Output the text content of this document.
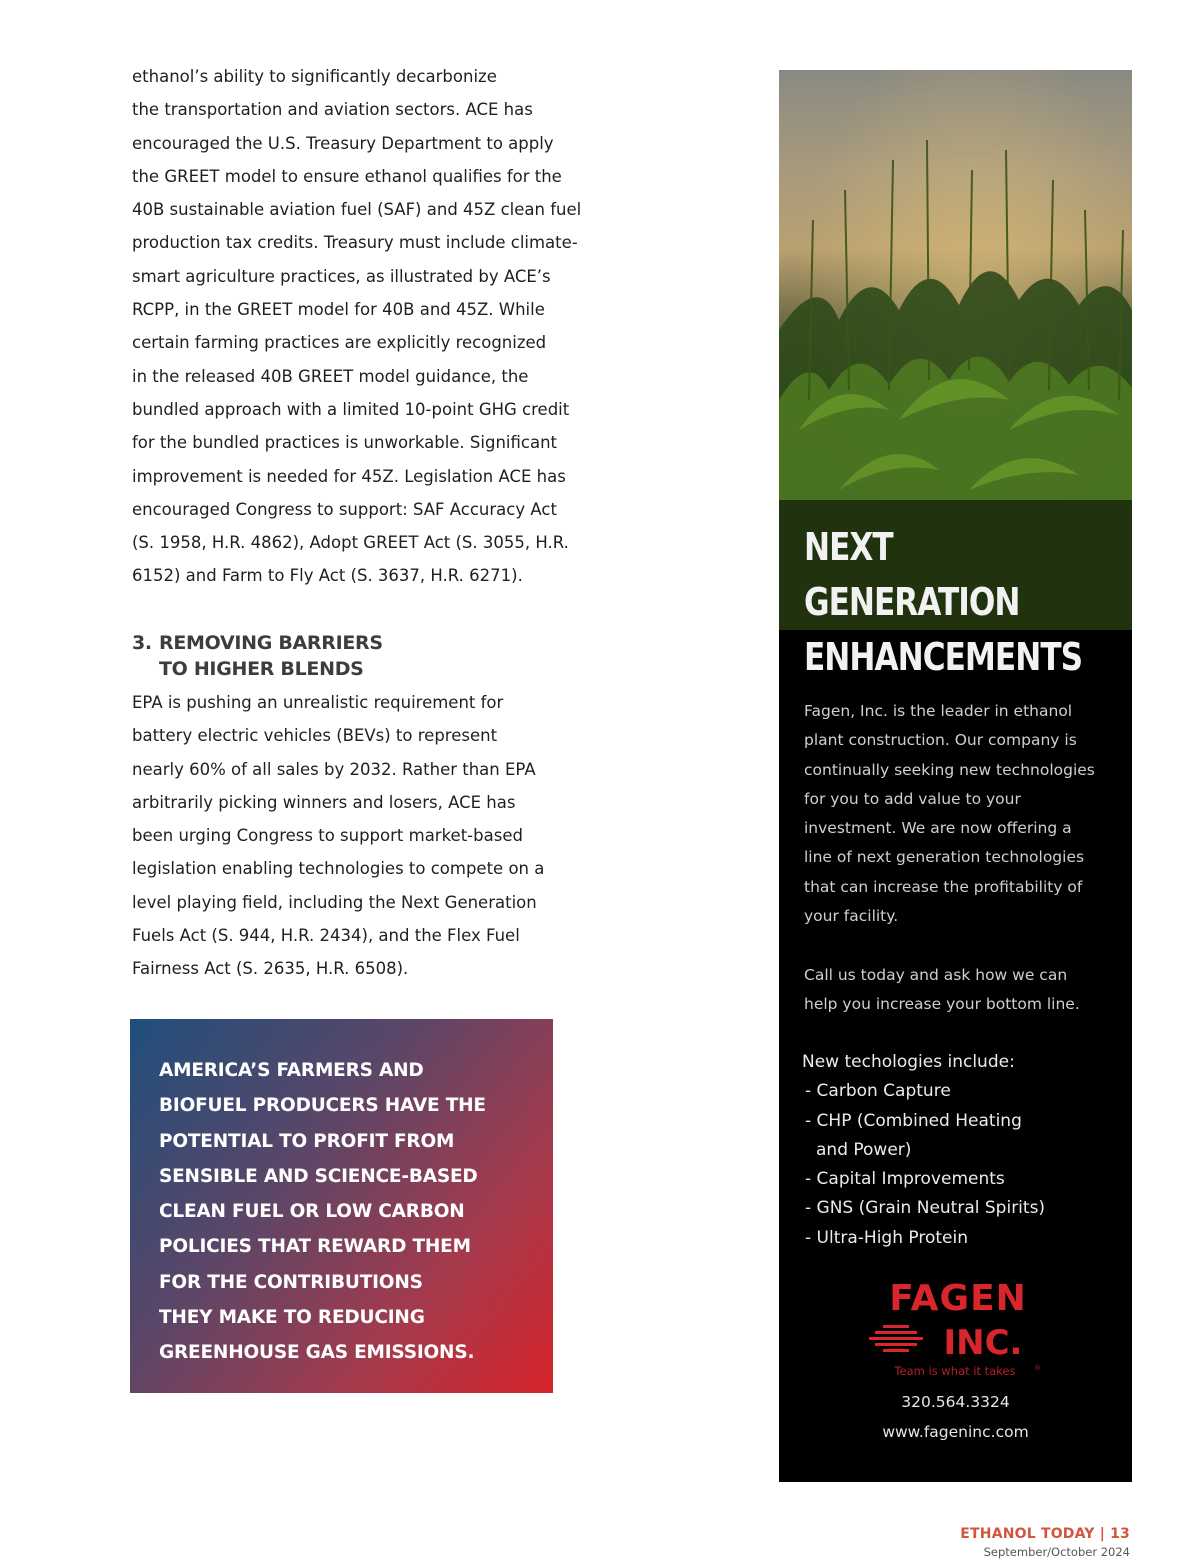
ethanol’s ability to significantly decarbonize
the transportation and aviation sectors. ACE has
encouraged the U.S. Treasury Department to apply
the GREET model to ensure ethanol qualifies for the
40B sustainable aviation fuel (SAF) and 45Z clean fuel
production tax credits. Treasury must include climate-
smart agriculture practices, as illustrated by ACE’s
RCPP, in the GREET model for 40B and 45Z. While
certain farming practices are explicitly recognized
in the released 40B GREET model guidance, the
bundled approach with a limited 10-point GHG credit
for the bundled practices is unworkable. Significant
improvement is needed for 45Z. Legislation ACE has
encouraged Congress to support: SAF Accuracy Act
(S. 1958, H.R. 4862), Adopt GREET Act (S. 3055, H.R.
6152) and Farm to Fly Act (S. 3637, H.R. 6271).
3. REMOVING BARRIERS
TO HIGHER BLENDS
EPA is pushing an unrealistic requirement for
battery electric vehicles (BEVs) to represent
nearly 60% of all sales by 2032. Rather than EPA
arbitrarily picking winners and losers, ACE has
been urging Congress to support market-based
legislation enabling technologies to compete on a
level playing field, including the Next Generation
Fuels Act (S. 944, H.R. 2434), and the Flex Fuel
Fairness Act (S. 2635, H.R. 6508).
AMERICA’S FARMERS AND
BIOFUEL PRODUCERS HAVE THE
POTENTIAL TO PROFIT FROM
SENSIBLE AND SCIENCE-BASED
CLEAN FUEL OR LOW CARBON
POLICIES THAT REWARD THEM
FOR THE CONTRIBUTIONS
THEY MAKE TO REDUCING
GREENHOUSE GAS EMISSIONS.
NEXT
GENERATION
ENHANCEMENTS
Fagen, Inc. is the leader in ethanol
plant construction. Our company is
continually seeking new technologies
for you to add value to your
investment. We are now offering a
line of next generation technologies
that can increase the profitability of
your facility.
Call us today and ask how we can
help you increase your bottom line.
New techologies include:
- Carbon Capture
- CHP (Combined Heating
and Power)
- Capital Improvements
- GNS (Grain Neutral Spirits)
- Ultra-High Protein
FAGEN
INC.
Team is what it takes	®
320.564.3324
www.fageninc.com
ETHANOL TODAY | 13
September/October 2024
